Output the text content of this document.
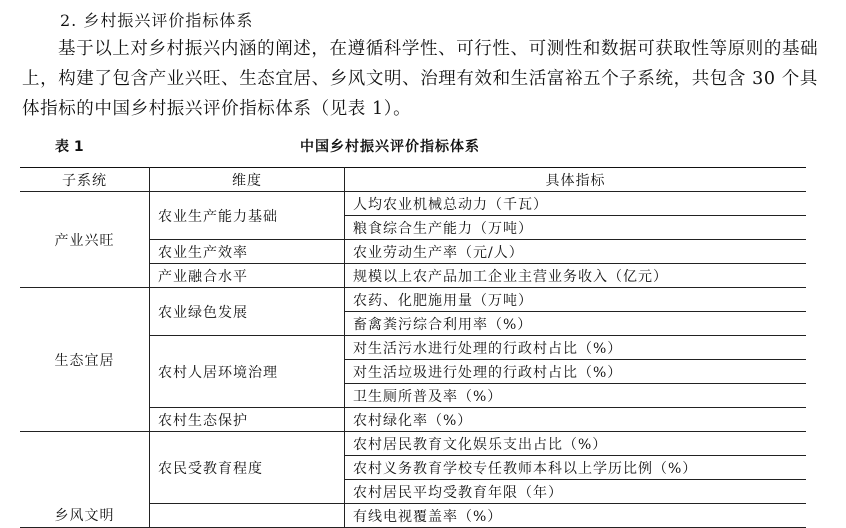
2. 乡村振兴评价指标体系
基于以上对乡村振兴内涵的阐述，在遵循科学性、可行性、可测性和数据可获取性等原则的基础上，构建了包含产业兴旺、生态宜居、乡风文明、治理有效和生活富裕五个子系统，共包含 30 个具体指标的中国乡村振兴评价指标体系（见表 1）。
表 1	中国乡村振兴评价指标体系
子系统	维度	具体指标
产业兴旺	农业生产能力基础	人均农业机械总动力（千瓦）
		粮食综合生产能力（万吨）
	农业生产效率	农业劳动生产率（元/人）
	产业融合水平	规模以上农产品加工企业主营业务收入（亿元）
生态宜居	农业绿色发展	农药、化肥施用量（万吨）
		畜禽粪污综合利用率（%）
	农村人居环境治理	对生活污水进行处理的行政村占比（%）
		对生活垃圾进行处理的行政村占比（%）
		卫生厕所普及率（%）
	农村生态保护	农村绿化率（%）
乡风文明	农民受教育程度	农村居民教育文化娱乐支出占比（%）
		农村义务教育学校专任教师本科以上学历比例（%）
		农村居民平均受教育年限（年）
		有线电视覆盖率（%）
